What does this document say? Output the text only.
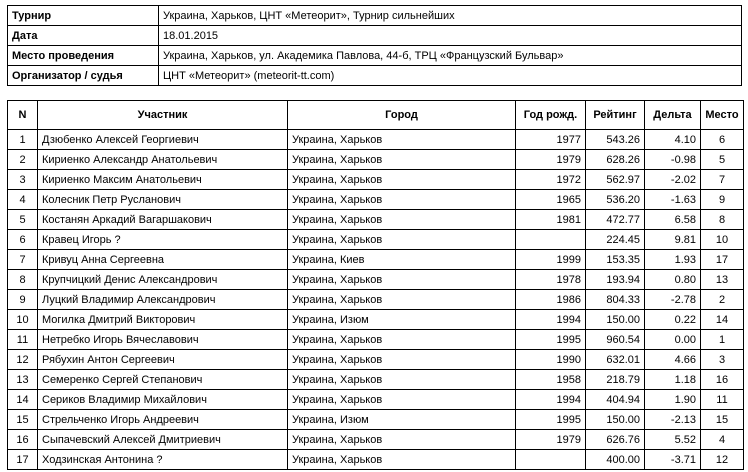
Турнир	Украина, Харьков, ЦНТ «Метеорит», Турнир сильнейших
Дата	18.01.2015
Место проведения	Украина, Харьков, ул. Академика Павлова, 44-б, ТРЦ «Французский Бульвар»
Организатор / судья	ЦНТ «Метеорит» (meteorit-tt.com)
N	Участник	Город	Год рожд.	Рейтинг	Дельта	Место
1	Дзюбенко Алексей Георгиевич	Украина, Харьков	1977	543.26	4.10	6
2	Кириенко Александр Анатольевич	Украина, Харьков	1979	628.26	-0.98	5
3	Кириенко Максим Анатольевич	Украина, Харьков	1972	562.97	-2.02	7
4	Колесник Петр Русланович	Украина, Харьков	1965	536.20	-1.63	9
5	Костанян Аркадий Вагаршакович	Украина, Харьков	1981	472.77	6.58	8
6	Кравец Игорь ?	Украина, Харьков		224.45	9.81	10
7	Кривуц Анна Сергеевна	Украина, Киев	1999	153.35	1.93	17
8	Крупчицкий Денис Александрович	Украина, Харьков	1978	193.94	0.80	13
9	Луцкий Владимир Александрович	Украина, Харьков	1986	804.33	-2.78	2
10	Могилка Дмитрий Викторович	Украина, Изюм	1994	150.00	0.22	14
11	Нетребко Игорь Вячеславович	Украина, Харьков	1995	960.54	0.00	1
12	Рябухин Антон Сергеевич	Украина, Харьков	1990	632.01	4.66	3
13	Семеренко Сергей Степанович	Украина, Харьков	1958	218.79	1.18	16
14	Сериков Владимир Михайлович	Украина, Харьков	1994	404.94	1.90	11
15	Стрельченко Игорь Андреевич	Украина, Изюм	1995	150.00	-2.13	15
16	Сыпачевский Алексей Дмитриевич	Украина, Харьков	1979	626.76	5.52	4
17	Ходзинская Антонина ?	Украина, Харьков		400.00	-3.71	12
